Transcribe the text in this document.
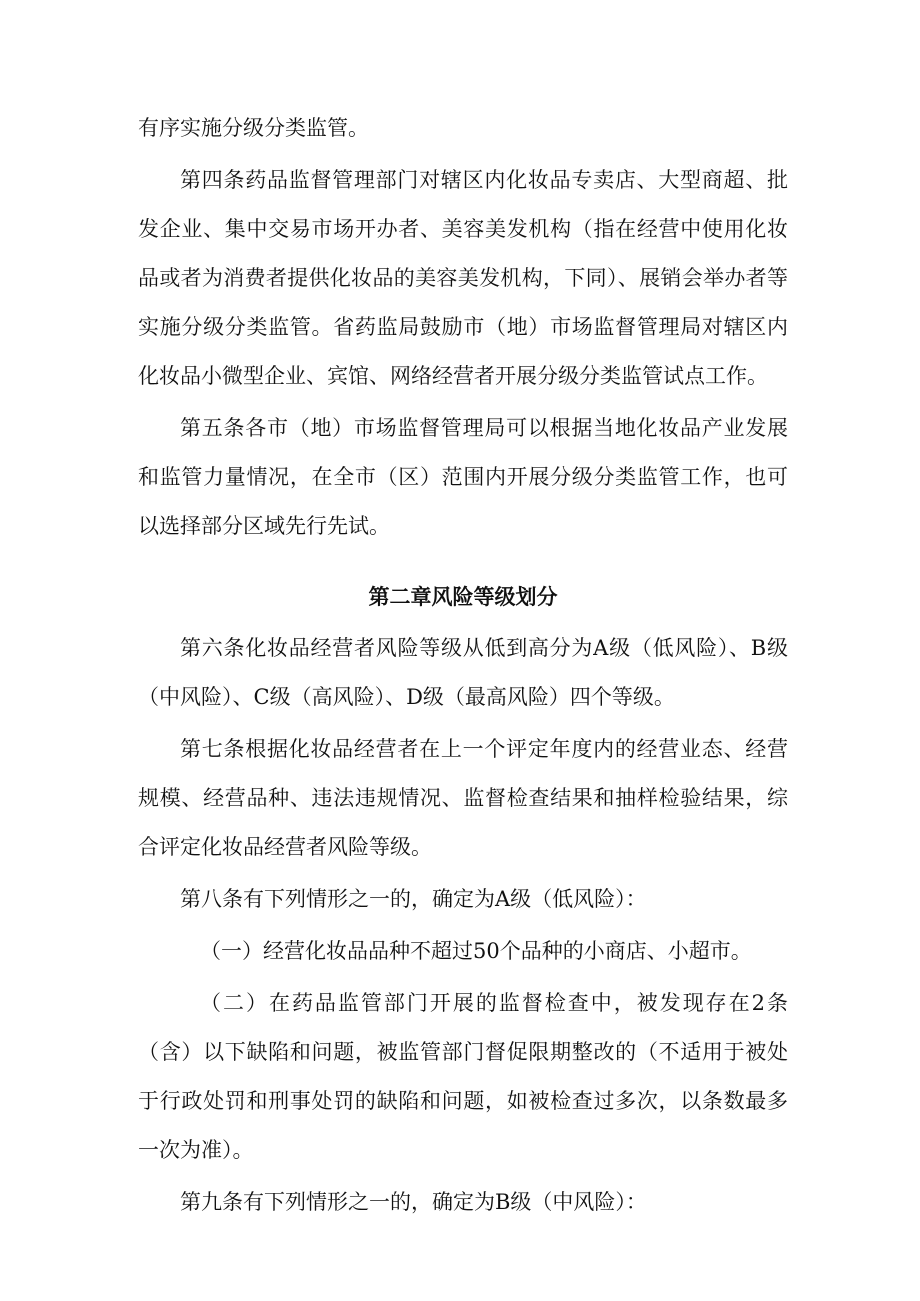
有序实施分级分类监管。

第四条药品监督管理部门对辖区内化妆品专卖店、大型商超、批发企业、集中交易市场开办者、美容美发机构（指在经营中使用化妆品或者为消费者提供化妆品的美容美发机构，下同）、展销会举办者等实施分级分类监管。省药监局鼓励市（地）市场监督管理局对辖区内化妆品小微型企业、宾馆、网络经营者开展分级分类监管试点工作。

第五条各市（地）市场监督管理局可以根据当地化妆品产业发展和监管力量情况，在全市（区）范围内开展分级分类监管工作，也可以选择部分区域先行先试。

第二章风险等级划分

第六条化妆品经营者风险等级从低到高分为A级（低风险）、B级（中风险）、C级（高风险）、D级（最高风险）四个等级。

第七条根据化妆品经营者在上一个评定年度内的经营业态、经营规模、经营品种、违法违规情况、监督检查结果和抽样检验结果，综合评定化妆品经营者风险等级。

第八条有下列情形之一的，确定为A级（低风险）：

（一）经营化妆品品种不超过50个品种的小商店、小超市。

（二）在药品监管部门开展的监督检查中，被发现存在2条（含）以下缺陷和问题，被监管部门督促限期整改的（不适用于被处于行政处罚和刑事处罚的缺陷和问题，如被检查过多次，以条数最多一次为准）。

第九条有下列情形之一的，确定为B级（中风险）：
